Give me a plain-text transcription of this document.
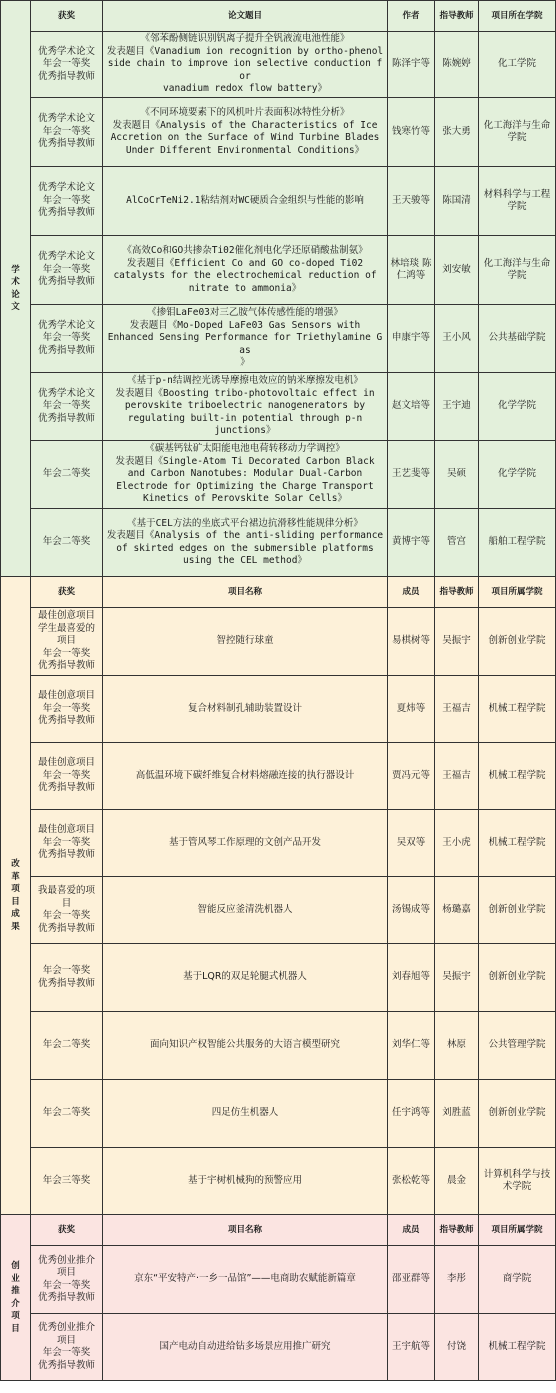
学术论文	获奖	论文题目	作者	指导教师	项目所在学院

	优秀学术论文
年会一等奖
优秀指导教师	《邻苯酚侧链识别钒离子提升全钒液流电池性能》
发表题目《Vanadium ion recognition by ortho-phenol
side chain to improve ion selective conduction for
vanadium redox flow battery》	陈泽宇等	陈婉婷	化工学院

	优秀学术论文
年会一等奖
优秀指导教师	《不同环境要素下的风机叶片表面积冰特性分析》
发表题目《Analysis of the Characteristics of Ice
Accretion on the Surface of Wind Turbine Blades
Under Different Environmental Conditions》	钱寒竹等	张大勇	化工海洋与生命学院

	优秀学术论文
年会一等奖
优秀指导教师	AlCoCrTeNi2.1粘结剂对WC硬质合金组织与性能的影响	王天骏等	陈国清	材料科学与工程学院

	优秀学术论文
年会一等奖
优秀指导教师	《高效Co和GO共掺杂Ti02催化剂电化学还原硝酸盐制氨》
发表题目《Efficient Co and GO co-doped Ti02
catalysts for the electrochemical reduction of
nitrate to ammonia》	林培琰 陈仁鸿等	刘安敏	化工海洋与生命学院

	优秀学术论文
年会一等奖
优秀指导教师	《掺钼LaFe03对三乙胺气体传感性能的增强》
发表题目《Mo-Doped LaFe03 Gas Sensors with
Enhanced Sensing Performance for Triethylamine Gas
》	申康宇等	王小风	公共基础学院

	优秀学术论文
年会一等奖
优秀指导教师	《基于p-n结调控光诱导摩擦电效应的钠米摩擦发电机》
发表题目《Boosting tribo-photovoltaic effect in
perovskite triboelectric nanogenerators by
regulating built-in potential through p-n
junctions》	赵文培等	王宇迪	化学学院

	年会二等奖	《碳基钙钛矿太阳能电池电荷转移动力学调控》
发表题目《Single-Atom Ti Decorated Carbon Black
and Carbon Nanotubes: Modular Dual-Carbon
Electrode for Optimizing the Charge Transport
Kinetics of Perovskite Solar Cells》	王艺斐等	吴硕	化学学院

	年会二等奖	《基于CEL方法的坐底式平台裙边抗滑移性能规律分析》
发表题目《Analysis of the anti-sliding performance
of skirted edges on the submersible platforms
using the CEL method》	黄博宇等	管宫	船舶工程学院

改革项目成果	获奖	项目名称	成员	指导教师	项目所属学院

	最佳创意项目
学生最喜爱的
项目
年会一等奖
优秀指导教师	智控随行球童	易棋树等	吴振宇	创新创业学院

	最佳创意项目
年会一等奖
优秀指导教师	复合材料制孔辅助装置设计	夏炜等	王福吉	机械工程学院

	最佳创意项目
年会一等奖
优秀指导教师	高低温环境下碳纤维复合材料熔融连接的执行器设计	贾冯元等	王福吉	机械工程学院

	最佳创意项目
年会一等奖
优秀指导教师	基于管风琴工作原理的文创产品开发	吴双等	王小虎	机械工程学院

	我最喜爱的项
目
年会一等奖
优秀指导教师	智能反应釜清洗机器人	汤锡成等	杨璐嘉	创新创业学院

	年会一等奖
优秀指导教师	基于LQR的双足轮腿式机器人	刘春旭等	吴振宇	创新创业学院

	年会二等奖	面向知识产权智能公共服务的大语言模型研究	刘华仁等	林原	公共管理学院

	年会二等奖	四足仿生机器人	任宇鸿等	刘胜蓝	创新创业学院

	年会三等奖	基于宇树机械狗的预警应用	张松乾等	晨金	计算机科学与技术学院

创业推介项目	获奖	项目名称	成员	指导教师	项目所属学院

	优秀创业推介
项目
年会一等奖
优秀指导教师	京东“平安特产·一乡一品馆”——电商助农赋能新篇章	邵亚群等	李彤	商学院

	优秀创业推介
项目
年会一等奖
优秀指导教师	国产电动自动进给钻多场景应用推广研究	王宇航等	付饶	机械工程学院
